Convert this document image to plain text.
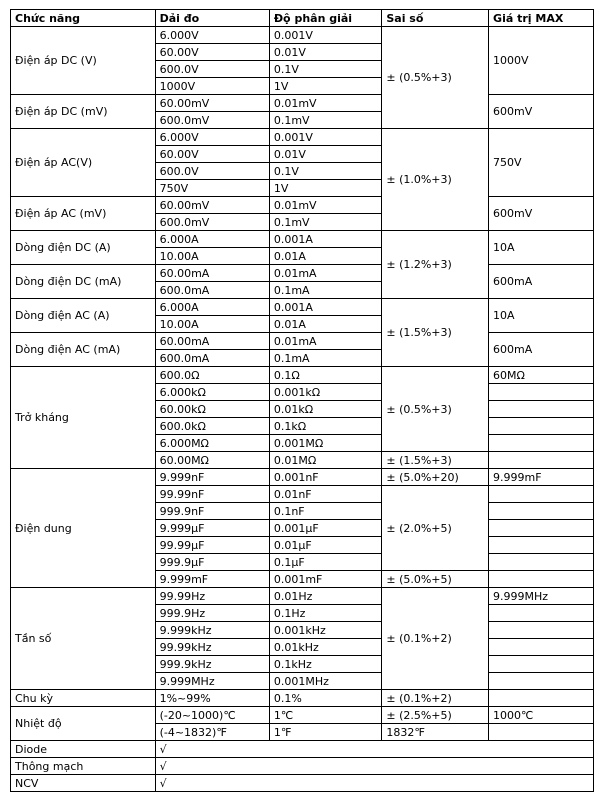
Chức năng	Dải đo	Độ phân giải	Sai số	Giá trị MAX
Điện áp DC (V)	6.000V	0.001V	± (0.5%+3)	1000V
	60.00V	0.01V		
	600.0V	0.1V		
	1000V	1V		
Điện áp DC (mV)	60.00mV	0.01mV		600mV
	600.0mV	0.1mV		
Điện áp AC(V)	6.000V	0.001V	± (1.0%+3)	750V
	60.00V	0.01V		
	600.0V	0.1V		
	750V	1V		
Điện áp AC (mV)	60.00mV	0.01mV		600mV
	600.0mV	0.1mV		
Dòng điện DC (A)	6.000A	0.001A	± (1.2%+3)	10A
	10.00A	0.01A		
Dòng điện DC (mA)	60.00mA	0.01mA		600mA
	600.0mA	0.1mA		
Dòng điện AC (A)	6.000A	0.001A	± (1.5%+3)	10A
	10.00A	0.01A		
Dòng điện AC (mA)	60.00mA	0.01mA		600mA
	600.0mA	0.1mA		
Trở kháng	600.0Ω	0.1Ω	± (0.5%+3)	60MΩ
	6.000kΩ	0.001kΩ		
	60.00kΩ	0.01kΩ		
	600.0kΩ	0.1kΩ		
	6.000MΩ	0.001MΩ		
	60.00MΩ	0.01MΩ	± (1.5%+3)	
Điện dung	9.999nF	0.001nF	± (5.0%+20)	9.999mF
	99.99nF	0.01nF	± (2.0%+5)	
	999.9nF	0.1nF		
	9.999µF	0.001µF		
	99.99µF	0.01µF		
	999.9µF	0.1µF		
	9.999mF	0.001mF	± (5.0%+5)	
Tần số	99.99Hz	0.01Hz	± (0.1%+2)	9.999MHz
	999.9Hz	0.1Hz		
	9.999kHz	0.001kHz		
	99.99kHz	0.01kHz		
	999.9kHz	0.1kHz		
	9.999MHz	0.001MHz		
Chu kỳ	1%~99%	0.1%	± (0.1%+2)	
Nhiệt độ	(-20~1000)℃	1℃	± (2.5%+5)	1000℃
	(-4~1832)℉	1℉	1832℉	
Diode	√			
Thông mạch	√			
NCV	√			
